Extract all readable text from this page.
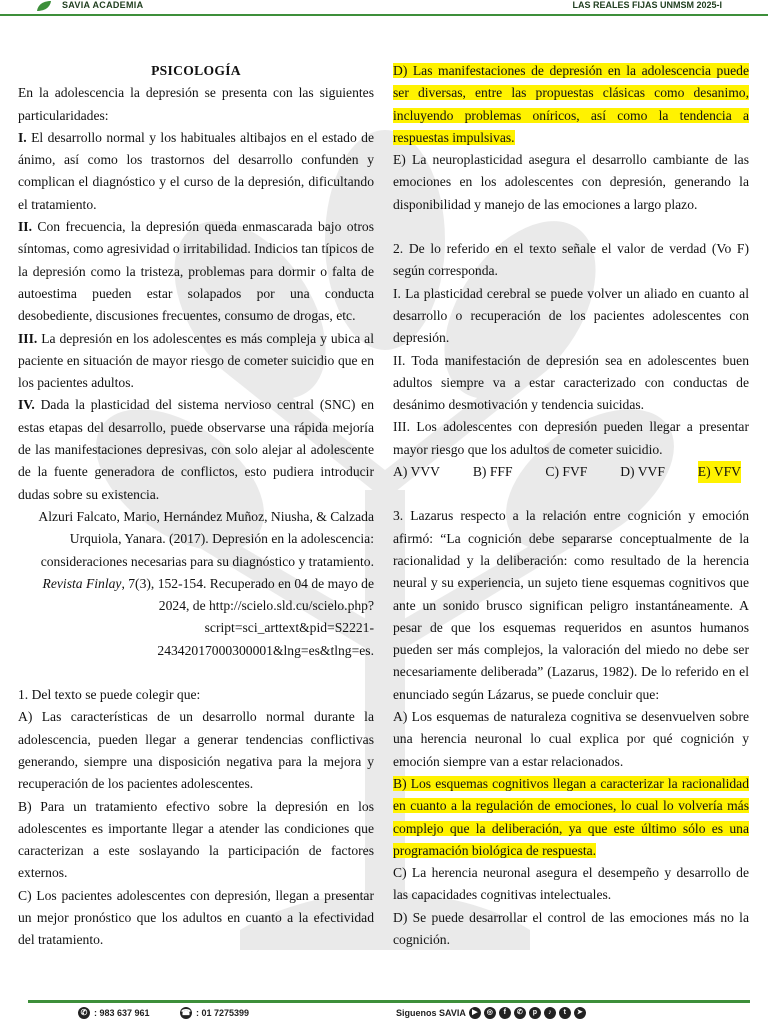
SAVIA ACADEMIA	LAS REALES FIJAS UNMSM 2025-I

PSICOLOGÍA

En la adolescencia la depresión se presenta con las siguientes particularidades:

I. El desarrollo normal y los habituales altibajos en el estado de ánimo, así como los trastornos del desarrollo confunden y complican el diagnóstico y el curso de la depresión, dificultando el tratamiento.

II. Con frecuencia, la depresión queda enmascarada bajo otros síntomas, como agresividad o irritabilidad. Indicios tan típicos de la depresión como la tristeza, problemas para dormir o falta de autoestima pueden estar solapados por una conducta desobediente, discusiones frecuentes, consumo de drogas, etc.

III. La depresión en los adolescentes es más compleja y ubica al paciente en situación de mayor riesgo de cometer suicidio que en los pacientes adultos.

IV. Dada la plasticidad del sistema nervioso central (SNC) en estas etapas del desarrollo, puede observarse una rápida mejoría de las manifestaciones depresivas, con solo alejar al adolescente de la fuente generadora de conflictos, esto pudiera introducir dudas sobre su existencia.

Alzuri Falcato, Mario, Hernández Muñoz, Niusha, & Calzada Urquiola, Yanara. (2017). Depresión en la adolescencia: consideraciones necesarias para su diagnóstico y tratamiento. Revista Finlay, 7(3), 152-154. Recuperado en 04 de mayo de 2024, de http://scielo.sld.cu/scielo.php?script=sci_arttext&pid=S2221-24342017000300001&lng=es&tlng=es.

1. Del texto se puede colegir que:

A) Las características de un desarrollo normal durante la adolescencia, pueden llegar a generar tendencias conflictivas generando, siempre una disposición negativa para la mejora y recuperación de los pacientes adolescentes.

B) Para un tratamiento efectivo sobre la depresión en los adolescentes es importante llegar a atender las condiciones que caracterizan a este soslayando la participación de factores externos.

C) Los pacientes adolescentes con depresión, llegan a presentar un mejor pronóstico que los adultos en cuanto a la efectividad del tratamiento.

D) Las manifestaciones de depresión en la adolescencia puede ser diversas, entre las propuestas clásicas como desanimo, incluyendo problemas oníricos, así como la tendencia a respuestas impulsivas.

E) La neuroplasticidad asegura el desarrollo cambiante de las emociones en los adolescentes con depresión, generando la disponibilidad y manejo de las emociones a largo plazo.

2. De lo referido en el texto señale el valor de verdad (Vo F) según corresponda.

I. La plasticidad cerebral se puede volver un aliado en cuanto al desarrollo o recuperación de los pacientes adolescentes con depresión.

II. Toda manifestación de depresión sea en adolescentes buen adultos siempre va a estar caracterizado con conductas de desánimo desmotivación y tendencia suicidas.

III. Los adolescentes con depresión pueden llegar a presentar mayor riesgo que los adultos de cometer suicidio.

A) VVV B) FFF C) FVF D) VVF E) VFV

3. Lazarus respecto a la relación entre cognición y emoción afirmó: “La cognición debe separarse conceptualmente de la racionalidad y la deliberación: como resultado de la herencia neural y su experiencia, un sujeto tiene esquemas cognitivos que ante un sonido brusco significan peligro instantáneamente. A pesar de que los esquemas requeridos en asuntos humanos pueden ser más complejos, la valoración del miedo no debe ser necesariamente deliberada” (Lazarus, 1982). De lo referido en el enunciado según Lázarus, se puede concluir que:

A) Los esquemas de naturaleza cognitiva se desenvuelven sobre una herencia neuronal lo cual explica por qué cognición y emoción siempre van a estar relacionados.

B) Los esquemas cognitivos llegan a caracterizar la racionalidad en cuanto a la regulación de emociones, lo cual lo volvería más complejo que la deliberación, ya que este último sólo es una programación biológica de respuesta.

C) La herencia neuronal asegura el desempeño y desarrollo de las capacidades cognitivas intelectuales.

D) Se puede desarrollar el control de las emociones más no la cognición.

✆ : 983 637 961	☎ : 01 7275399	Siguenos SAVIA ▶	◎	f	✆	p	♪	t	➤
